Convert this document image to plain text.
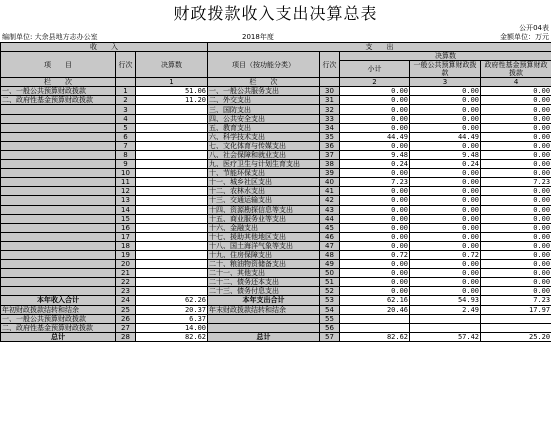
财政拨款收入支出决算总表
公开04表
编制单位: 大余县地方志办公室	2018年度	金额单位：万元
收　　入			支　　出				
项　　目	行次	决算数	项目（按功能分类）	行次	决算数		
					小计	一般公共预算财政拨款	政府性基金预算财政拨款

栏　　次		1	栏　　次		2	3	4
一、一般公共预算财政拨款	1	51.06	一、一般公共服务支出	30	0.00	0.00	0.00
二、政府性基金预算财政拨款	2	11.20	二、外交支出	31	0.00	0.00	0.00
	3		三、国防支出	32	0.00	0.00	0.00
	4		四、公共安全支出	33	0.00	0.00	0.00
	5		五、教育支出	34	0.00	0.00	0.00
	6		六、科学技术支出	35	44.49	44.49	0.00
	7		七、文化体育与传媒支出	36	0.00	0.00	0.00
	8		八、社会保障和就业支出	37	9.48	9.48	0.00
	9		九、医疗卫生与计划生育支出	38	0.24	0.24	0.00
	10		十、节能环保支出	39	0.00	0.00	0.00
	11		十一、城乡社区支出	40	7.23	0.00	7.23
	12		十二、农林水支出	41	0.00	0.00	0.00
	13		十三、交通运输支出	42	0.00	0.00	0.00
	14		十四、资源勘探信息等支出	43	0.00	0.00	0.00
	15		十五、商业服务业等支出	44	0.00	0.00	0.00
	16		十六、金融支出	45	0.00	0.00	0.00
	17		十七、援助其他地区支出	46	0.00	0.00	0.00
	18		十八、国土海洋气象等支出	47	0.00	0.00	0.00
	19		十九、住房保障支出	48	0.72	0.72	0.00
	20		二十、粮油物资储备支出	49	0.00	0.00	0.00
	21		二十一、其他支出	50	0.00	0.00	0.00
	22		二十二、债务还本支出	51	0.00	0.00	0.00
	23		二十三、债务付息支出	52	0.00	0.00	0.00
本年收入合计	24	62.26	本年支出合计	53	62.16	54.93	7.23
年初财政拨款结转和结余	25	20.37	年末财政拨款结转和结余	54	20.46	2.49	17.97
一、一般公共预算财政拨款	26	6.37		55			
二、政府性基金预算财政拨款	27	14.00		56			
总计	28	82.62	总计	57	82.62	57.42	25.20
